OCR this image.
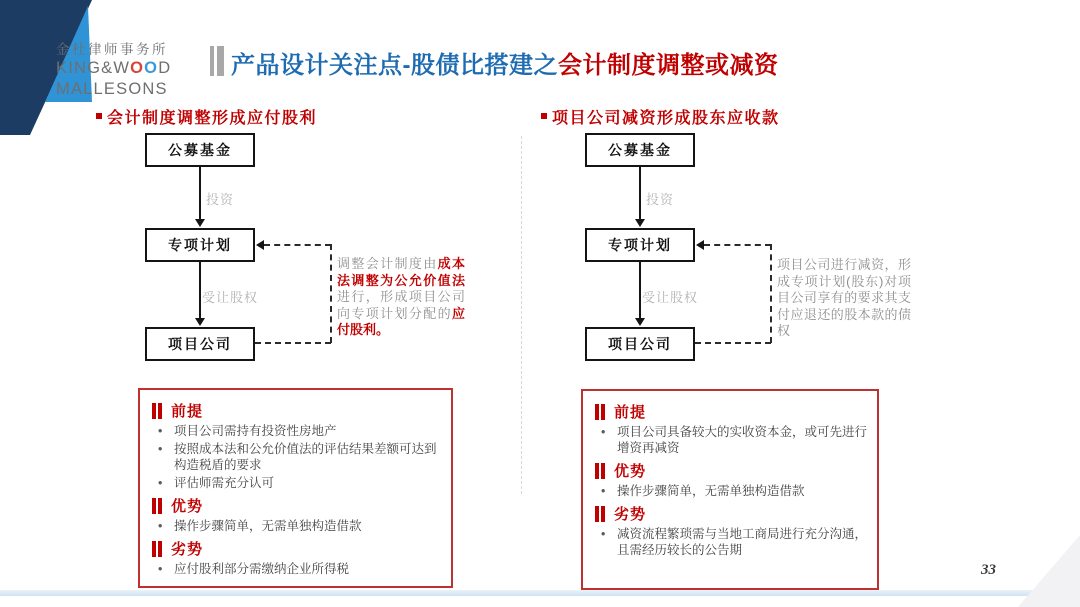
金杜律师事务所
KING&WOOD
MALLESONS
产品设计关注点-股债比搭建之会计制度调整或减资
会计制度调整形成应付股利	项目公司减资形成股东应收款
公募基金
投资
专项计划
受让股权
项目公司
调整会计制度由成本法调整为公允价值法进行，形成项目公司向专项计划分配的应付股利。
公募基金
投资
专项计划
受让股权
项目公司
项目公司进行减资，形成专项计划(股东)对项目公司享有的要求其支付应退还的股本款的债权
前提
• 项目公司需持有投资性房地产
• 按照成本法和公允价值法的评估结果差额可达到构造税盾的要求
• 评估师需充分认可
优势
• 操作步骤简单，无需单独构造借款
劣势
• 应付股利部分需缴纳企业所得税
前提
• 项目公司具备较大的实收资本金，或可先进行增资再减资
优势
• 操作步骤简单，无需单独构造借款
劣势
• 减资流程繁琐需与当地工商局进行充分沟通，且需经历较长的公告期
33
